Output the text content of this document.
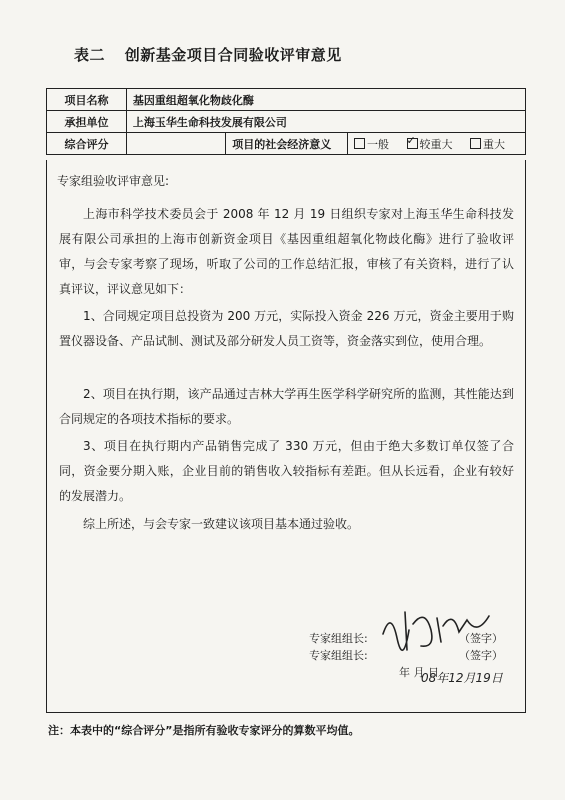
表二 创新基金项目合同验收评审意见
项目名称	基因重组超氧化物歧化酶		
承担单位	上海玉华生命科技发展有限公司		
综合评分		项目的社会经济意义	一般 ✓ 较重大 重大
专家组验收评审意见:
上海市科学技术委员会于 2008 年 12 月 19 日组织专家对上海玉华生命科技发展有限公司承担的上海市创新资金项目《基因重组超氧化物歧化酶》进行了验收评审，与会专家考察了现场，听取了公司的工作总结汇报，审核了有关资料，进行了认真评议，评议意见如下：
1、合同规定项目总投资为 200 万元，实际投入资金 226 万元，资金主要用于购置仪器设备、产品试制、测试及部分研发人员工资等，资金落实到位，使用合理。
2、项目在执行期，该产品通过吉林大学再生医学科学研究所的监测，其性能达到合同规定的各项技术指标的要求。
3、项目在执行期内产品销售完成了 330 万元，但由于绝大多数订单仅签了合同，资金要分期入账，企业目前的销售收入较指标有差距。但从长远看，企业有较好的发展潜力。
综上所述，与会专家一致建议该项目基本通过验收。
专家组组长:	（签字）
专家组组长:	（签字）
年 月 日
08年12月19日
注：本表中的“综合评分”是指所有验收专家评分的算数平均值。
